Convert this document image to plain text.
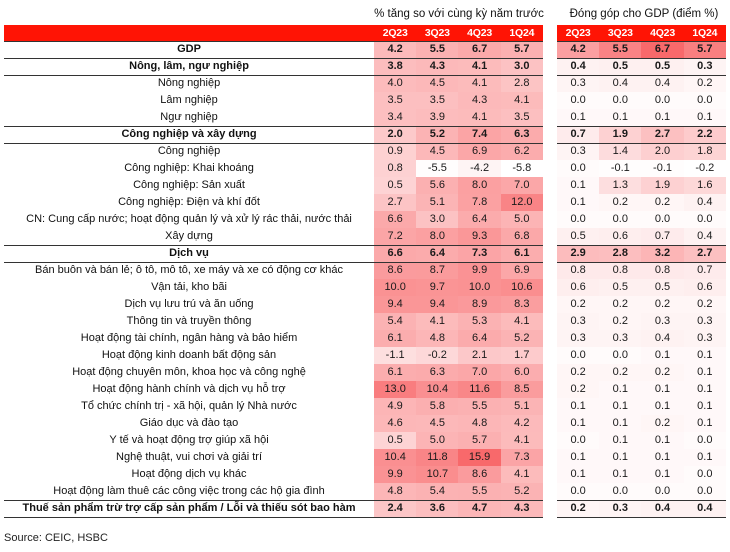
% tăng so với cùng kỳ năm trước	Đóng góp cho GDP (điểm %)
	2Q23	3Q23	4Q23	1Q24		2Q23	3Q23	4Q23	1Q24
GDP	4.2	5.5	6.7	5.7		4.2	5.5	6.7	5.7
Nông, lâm, ngư nghiệp	3.8	4.3	4.1	3.0		0.4	0.5	0.5	0.3
Nông nghiệp	4.0	4.5	4.1	2.8		0.3	0.4	0.4	0.2
Lâm nghiệp	3.5	3.5	4.3	4.1		0.0	0.0	0.0	0.0
Ngư nghiệp	3.4	3.9	4.1	3.5		0.1	0.1	0.1	0.1
Công nghiệp và xây dựng	2.0	5.2	7.4	6.3		0.7	1.9	2.7	2.2
Công nghiệp	0.9	4.5	6.9	6.2		0.3	1.4	2.0	1.8
Công nghiệp: Khai khoáng	0.8	-5.5	-4.2	-5.8		0.0	-0.1	-0.1	-0.2
Công nghiệp: Sản xuất	0.5	5.6	8.0	7.0		0.1	1.3	1.9	1.6
Công nghiệp: Điện và khí đốt	2.7	5.1	7.8	12.0		0.1	0.2	0.2	0.4
CN: Cung cấp nước; hoạt động quản lý và xử lý rác thải, nước thải	6.6	3.0	6.4	5.0		0.0	0.0	0.0	0.0
Xây dựng	7.2	8.0	9.3	6.8		0.5	0.6	0.7	0.4
Dịch vụ	6.6	6.4	7.3	6.1		2.9	2.8	3.2	2.7
Bán buôn và bán lẻ; ô tô, mô tô, xe máy và xe có động cơ khác	8.6	8.7	9.9	6.9		0.8	0.8	0.8	0.7
Vận tải, kho bãi	10.0	9.7	10.0	10.6		0.6	0.5	0.5	0.6
Dịch vụ lưu trú và ăn uống	9.4	9.4	8.9	8.3		0.2	0.2	0.2	0.2
Thông tin và truyền thông	5.4	4.1	5.3	4.1		0.3	0.2	0.3	0.3
Hoạt động tài chính, ngân hàng và bảo hiểm	6.1	4.8	6.4	5.2		0.3	0.3	0.4	0.3
Hoạt động kinh doanh bất động sản	-1.1	-0.2	2.1	1.7		0.0	0.0	0.1	0.1
Hoạt động chuyên môn, khoa học và công nghệ	6.1	6.3	7.0	6.0		0.2	0.2	0.2	0.1
Hoạt động hành chính và dịch vụ hỗ trợ	13.0	10.4	11.6	8.5		0.2	0.1	0.1	0.1
Tổ chức chính trị - xã hội, quản lý Nhà nước	4.9	5.8	5.5	5.1		0.1	0.1	0.1	0.1
Giáo dục và đào tạo	4.6	4.5	4.8	4.2		0.1	0.1	0.2	0.1
Y tế và hoạt động trợ giúp xã hội	0.5	5.0	5.7	4.1		0.0	0.1	0.1	0.0
Nghệ thuật, vui chơi và giải trí	10.4	11.8	15.9	7.3		0.1	0.1	0.1	0.1
Hoạt động dịch vụ khác	9.9	10.7	8.6	4.1		0.1	0.1	0.1	0.0
Hoạt động làm thuê các công việc trong các hộ gia đình	4.8	5.4	5.5	5.2		0.0	0.0	0.0	0.0
Thuế sản phẩm trừ trợ cấp sản phẩm / Lỗi và thiếu sót bao hàm	2.4	3.6	4.7	4.3		0.2	0.3	0.4	0.4
Source: CEIC, HSBC
